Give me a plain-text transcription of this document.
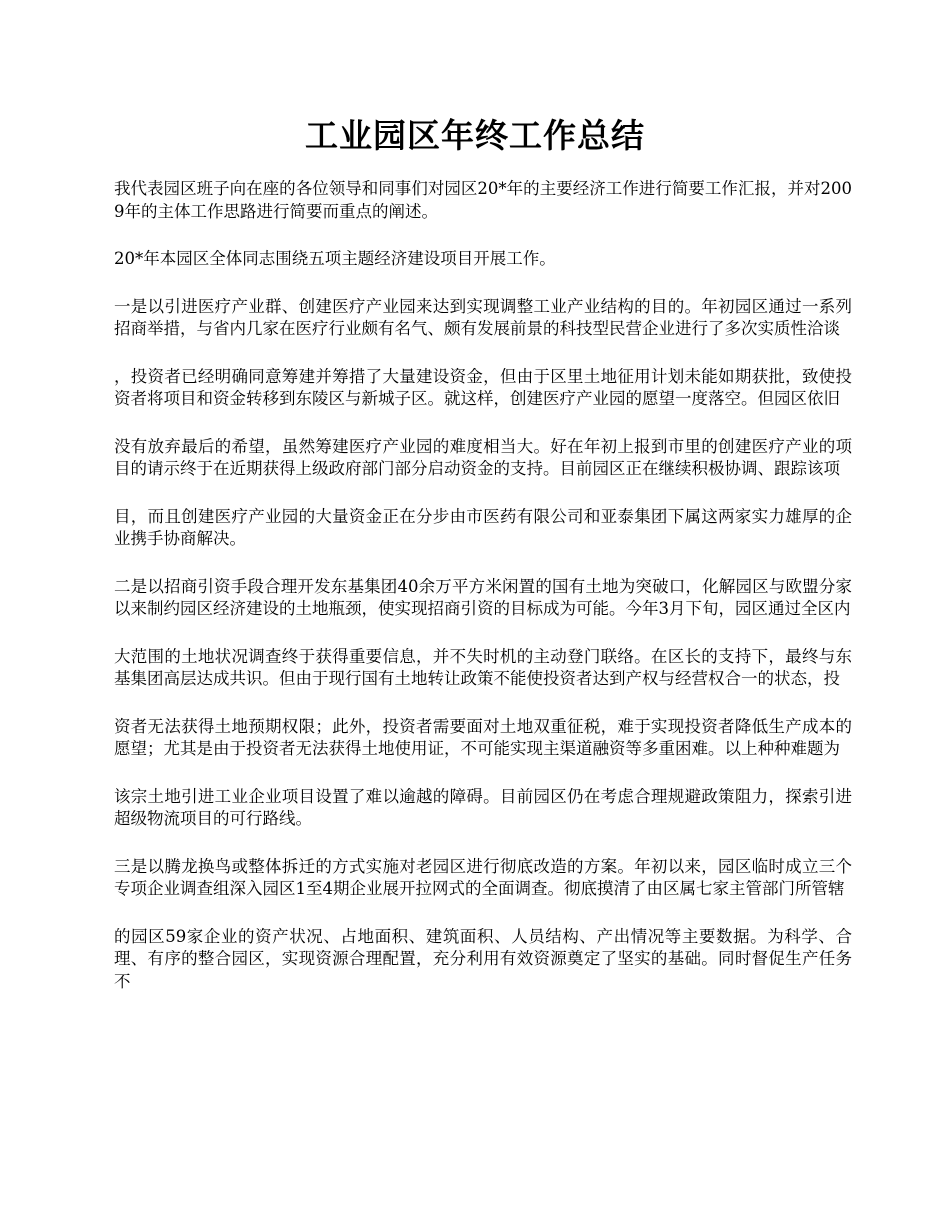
工业园区年终工作总结

我代表园区班子向在座的各位领导和同事们对园区20*年的主要经济工作进行简要工作汇报，并对2009年的主体工作思路进行简要而重点的阐述。

20*年本园区全体同志围绕五项主题经济建设项目开展工作。

一是以引进医疗产业群、创建医疗产业园来达到实现调整工业产业结构的目的。年初园区通过一系列招商举措，与省内几家在医疗行业颇有名气、颇有发展前景的科技型民营企业进行了多次实质性洽谈

，投资者已经明确同意筹建并筹措了大量建设资金，但由于区里土地征用计划未能如期获批，致使投资者将项目和资金转移到东陵区与新城子区。就这样，创建医疗产业园的愿望一度落空。但园区依旧

没有放弃最后的希望，虽然筹建医疗产业园的难度相当大。好在年初上报到市里的创建医疗产业的项目的请示终于在近期获得上级政府部门部分启动资金的支持。目前园区正在继续积极协调、跟踪该项

目，而且创建医疗产业园的大量资金正在分步由市医药有限公司和亚泰集团下属这两家实力雄厚的企业携手协商解决。

二是以招商引资手段合理开发东基集团40余万平方米闲置的国有土地为突破口，化解园区与欧盟分家以来制约园区经济建设的土地瓶颈，使实现招商引资的目标成为可能。今年3月下旬，园区通过全区内

大范围的土地状况调查终于获得重要信息，并不失时机的主动登门联络。在区长的支持下，最终与东基集团高层达成共识。但由于现行国有土地转让政策不能使投资者达到产权与经营权合一的状态，投

资者无法获得土地预期权限；此外，投资者需要面对土地双重征税，难于实现投资者降低生产成本的愿望；尤其是由于投资者无法获得土地使用证，不可能实现主渠道融资等多重困难。以上种种难题为

该宗土地引进工业企业项目设置了难以逾越的障碍。目前园区仍在考虑合理规避政策阻力，探索引进超级物流项目的可行路线。

三是以腾龙换鸟或整体拆迁的方式实施对老园区进行彻底改造的方案。年初以来，园区临时成立三个专项企业调查组深入园区1至4期企业展开拉网式的全面调查。彻底摸清了由区属七家主管部门所管辖

的园区59家企业的资产状况、占地面积、建筑面积、人员结构、产出情况等主要数据。为科学、合理、有序的整合园区，实现资源合理配置，充分利用有效资源奠定了坚实的基础。同时督促生产任务不
